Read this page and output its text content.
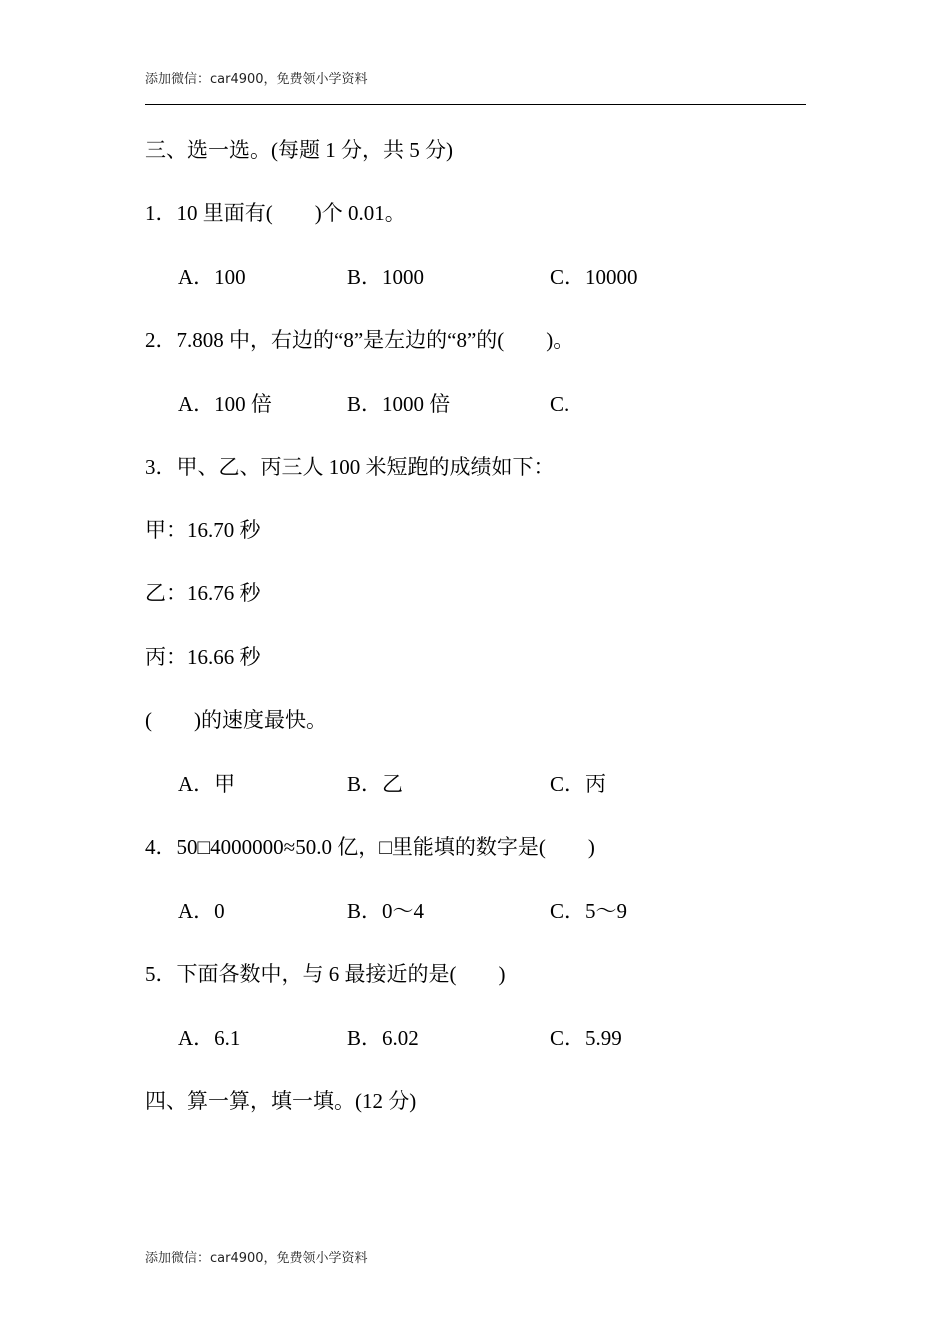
添加微信：car4900，免费领小学资料
三、选一选。(每题 1 分，共 5 分)
1．10 里面有(　　)个 0.01。
A．100	B．1000	C．10000
2．7.808 中，右边的“8”是左边的“8”的(　　)。
A．100 倍	B．1000 倍	C.
3．甲、乙、丙三人 100 米短跑的成绩如下：
甲：16.70 秒
乙：16.76 秒
丙：16.66 秒
(　　)的速度最快。
A．甲	B．乙	C．丙
4．50□4000000≈50.0 亿，□里能填的数字是(　　)
A．0	B．0～4	C．5～9
5．下面各数中，与 6 最接近的是(　　)
A．6.1	B．6.02	C．5.99
四、算一算，填一填。(12 分)
添加微信：car4900，免费领小学资料
